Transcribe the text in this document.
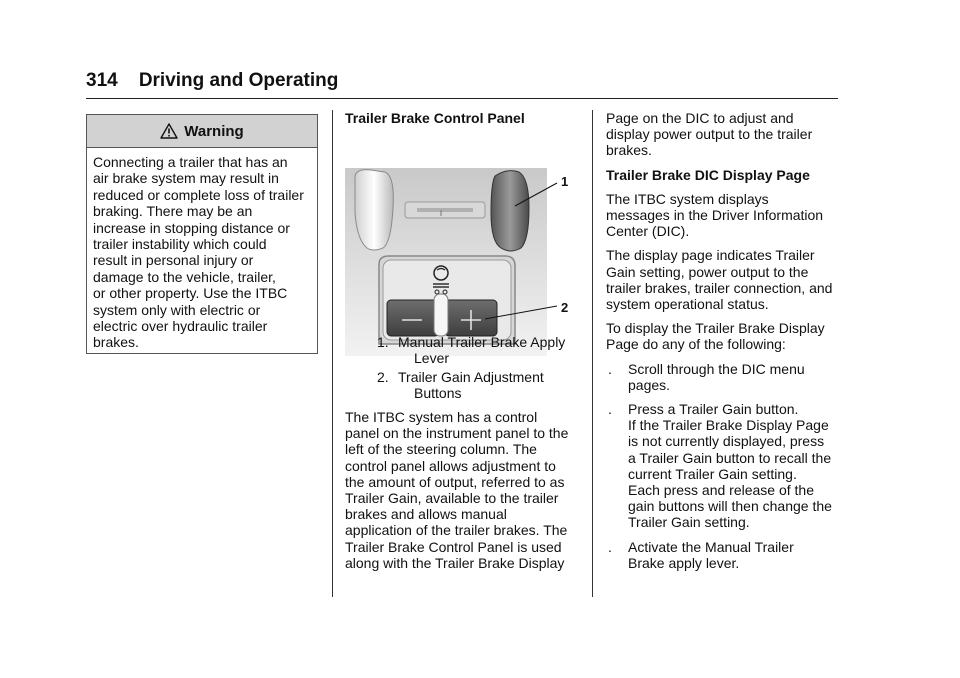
314    Driving and Operating
Warning
Connecting a trailer that has an
air brake system may result in
reduced or complete loss of trailer
braking. There may be an
increase in stopping distance or
trailer instability which could
result in personal injury or
damage to the vehicle, trailer,
or other property. Use the ITBC
system only with electric or
electric over hydraulic trailer
brakes.
Trailer Brake Control Panel
1
2
1. Manual Trailer Brake Apply
Lever
2. Trailer Gain Adjustment
Buttons
The ITBC system has a control
panel on the instrument panel to the
left of the steering column. The
control panel allows adjustment to
the amount of output, referred to as
Trailer Gain, available to the trailer
brakes and allows manual
application of the trailer brakes. The
Trailer Brake Control Panel is used
along with the Trailer Brake Display
Page on the DIC to adjust and
display power output to the trailer
brakes.
Trailer Brake DIC Display Page
The ITBC system displays
messages in the Driver Information
Center (DIC).
The display page indicates Trailer
Gain setting, power output to the
trailer brakes, trailer connection, and
system operational status.
To display the Trailer Brake Display
Page do any of the following:
. Scroll through the DIC menu
pages.
. Press a Trailer Gain button.
If the Trailer Brake Display Page
is not currently displayed, press
a Trailer Gain button to recall the
current Trailer Gain setting.
Each press and release of the
gain buttons will then change the
Trailer Gain setting.
. Activate the Manual Trailer
Brake apply lever.
